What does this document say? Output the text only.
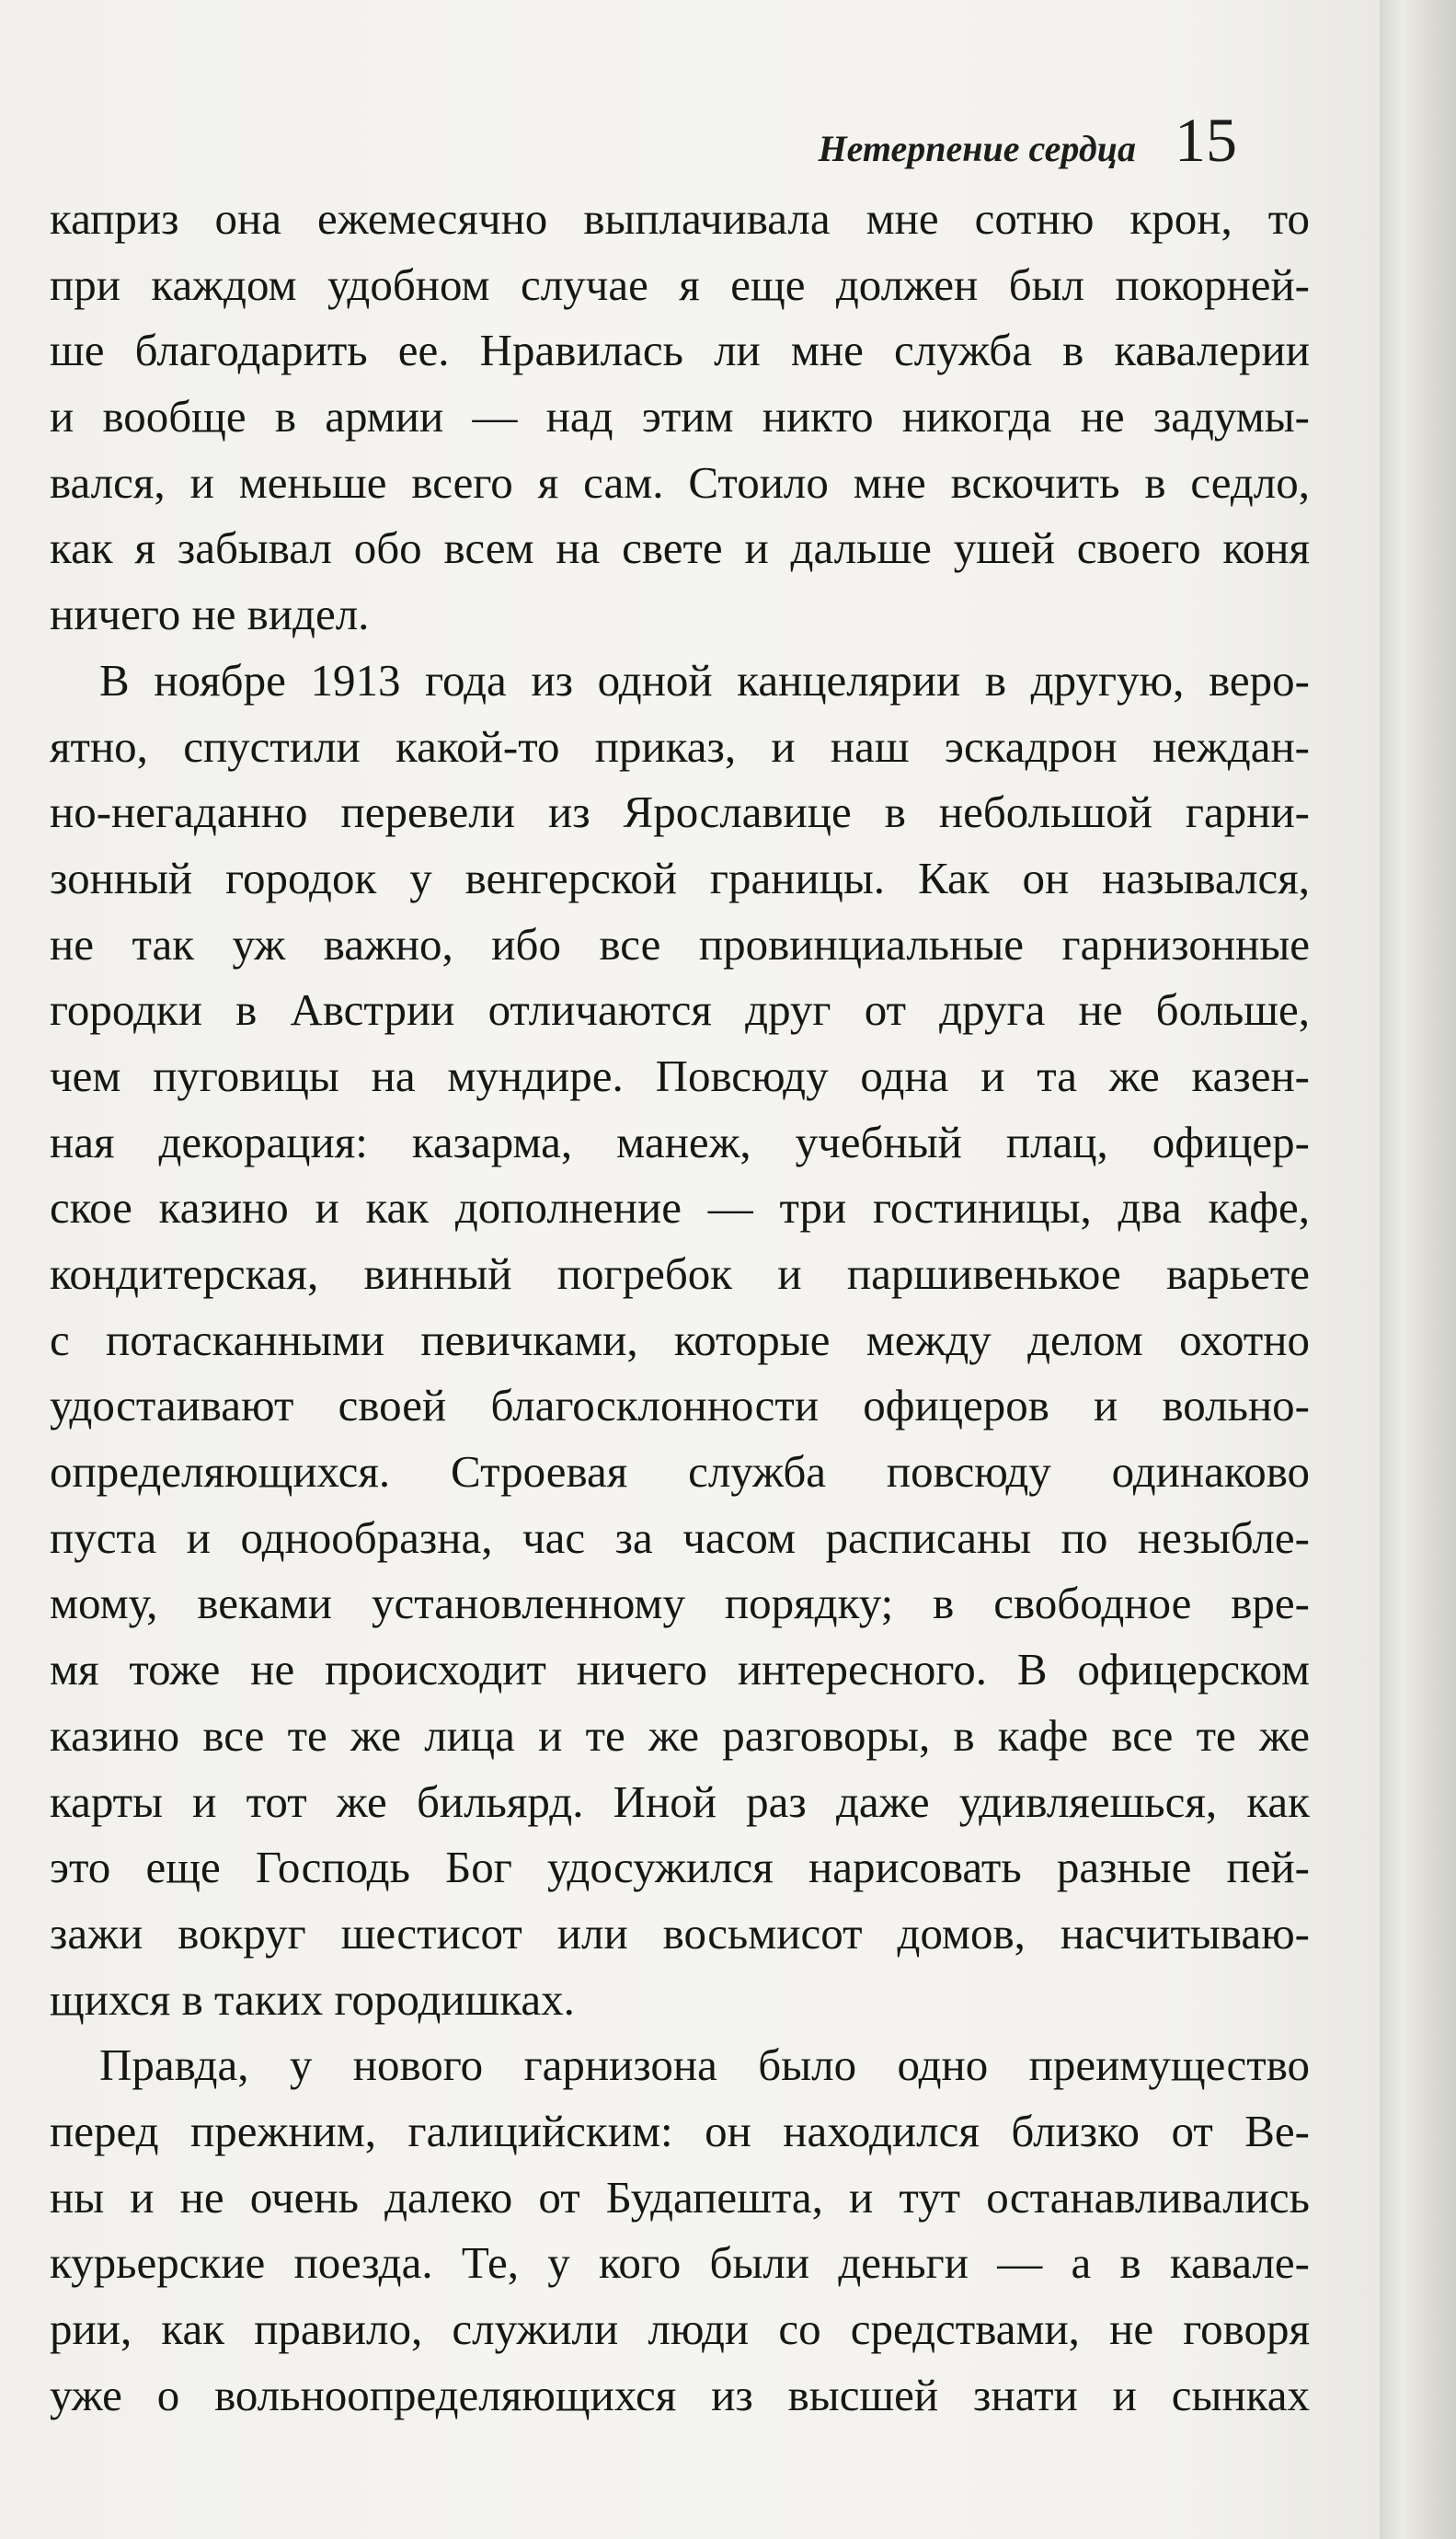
Нетерпение сердца 15
каприз она ежемесячно выплачивала мне сотню крон, то
при каждом удобном случае я еще должен был покорней-
ше благодарить ее. Нравилась ли мне служба в кавалерии
и вообще в армии — над этим никто никогда не задумы-
вался, и меньше всего я сам. Стоило мне вскочить в седло,
как я забывал обо всем на свете и дальше ушей своего коня
ничего не видел.
В ноябре 1913 года из одной канцелярии в другую, веро-
ятно, спустили какой-то приказ, и наш эскадрон неждан-
но-негаданно перевели из Ярославице в небольшой гарни-
зонный городок у венгерской границы. Как он назывался,
не так уж важно, ибо все провинциальные гарнизонные
городки в Австрии отличаются друг от друга не больше,
чем пуговицы на мундире. Повсюду одна и та же казен-
ная декорация: казарма, манеж, учебный плац, офицер-
ское казино и как дополнение — три гостиницы, два кафе,
кондитерская, винный погребок и паршивенькое варьете
с потасканными певичками, которые между делом охотно
удостаивают своей благосклонности офицеров и вольно-
определяющихся. Строевая служба повсюду одинаково
пуста и однообразна, час за часом расписаны по незыбле-
мому, веками установленному порядку; в свободное вре-
мя тоже не происходит ничего интересного. В офицерском
казино все те же лица и те же разговоры, в кафе все те же
карты и тот же бильярд. Иной раз даже удивляешься, как
это еще Господь Бог удосужился нарисовать разные пей-
зажи вокруг шестисот или восьмисот домов, насчитываю-
щихся в таких городишках.
Правда, у нового гарнизона было одно преимущество
перед прежним, галицийским: он находился близко от Ве-
ны и не очень далеко от Будапешта, и тут останавливались
курьерские поезда. Те, у кого были деньги — а в кавале-
рии, как правило, служили люди со средствами, не говоря
уже о вольноопределяющихся из высшей знати и сынках
